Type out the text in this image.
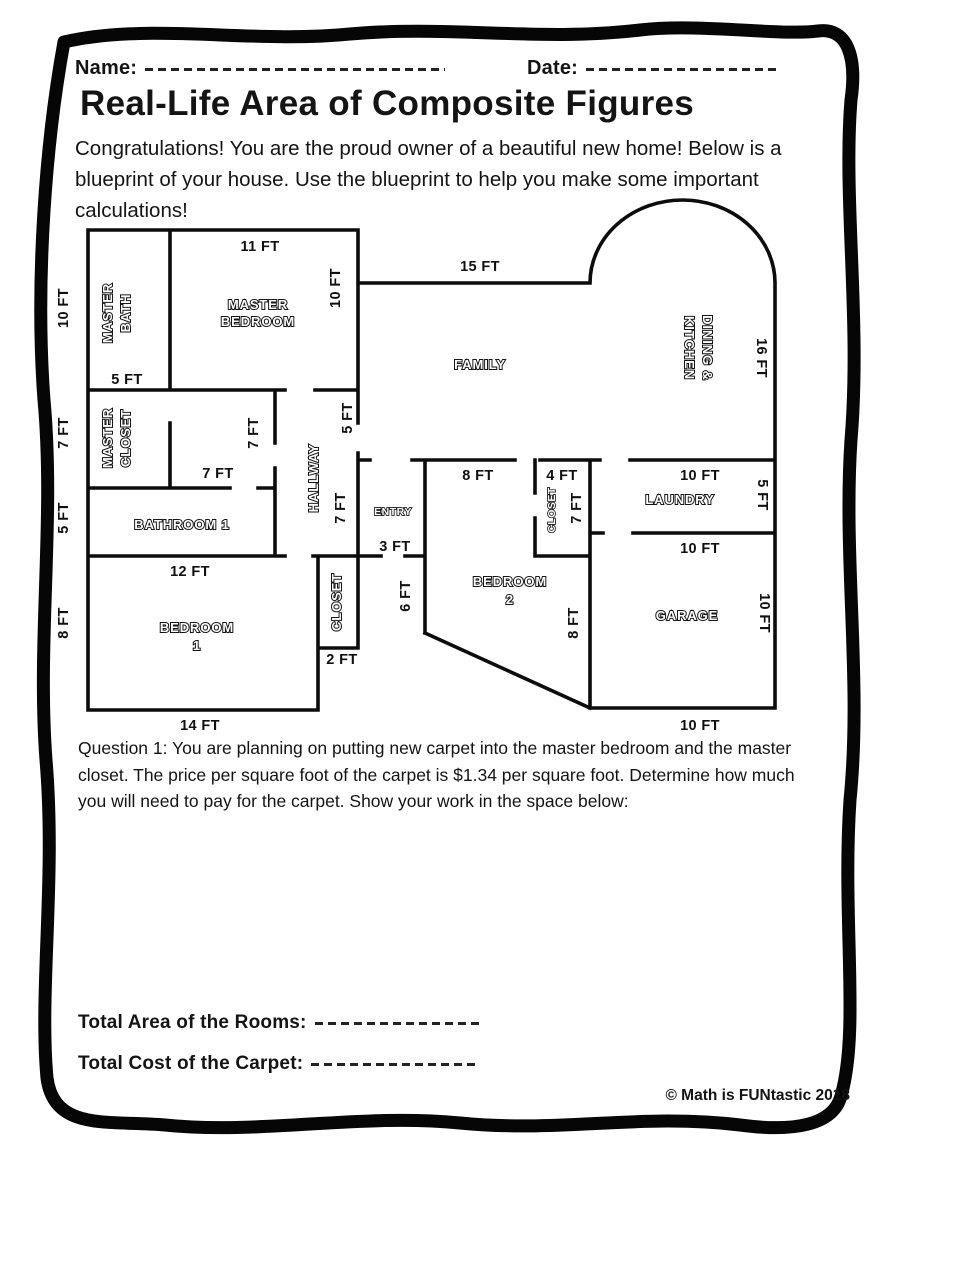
Name:	Date:
Real-Life Area of Composite Figures
Congratulations! You are the proud owner of a beautiful new home! Below is a blueprint of your house. Use the blueprint to help you make some important calculations!
11 FT
15 FT
5 FT
7 FT
12 FT
14 FT
2 FT
3 FT
8 FT	4 FT	10 FT
10 FT
10 FT
10 FT
7 FT
5 FT
8 FT
10 FT
7 FT	5 FT
7 FT
6 FT
7 FT
8 FT
16 FT
5 FT
10 FT
MASTER BATH	MASTER
BEDROOM
MASTER CLOSET
BATHROOM 1
HALLWAY
BEDROOM
1
CLOSET
ENTRY
FAMILY
BEDROOM
2
CLOSET
DINING &
KITCHEN
LAUNDRY
GARAGE
Question 1: You are planning on putting new carpet into the master bedroom and the master closet. The price per square foot of the carpet is $1.34 per square foot. Determine how much you will need to pay for the carpet. Show your work in the space below:
Total Area of the Rooms:
Total Cost of the Carpet:
© Math is FUNtastic 2018
